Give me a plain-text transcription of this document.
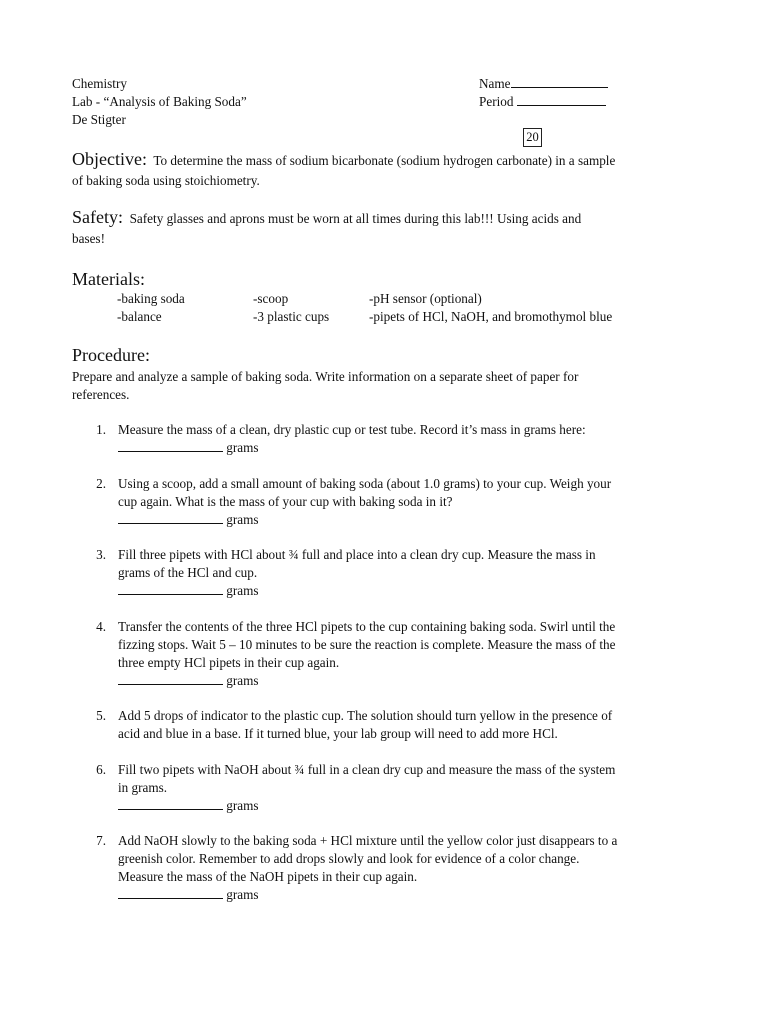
Chemistry
Lab - “Analysis of Baking Soda”
De Stigter
Name
Period
20
Objective: To determine the mass of sodium bicarbonate (sodium hydrogen carbonate) in a sample
of baking soda using stoichiometry.
Safety: Safety glasses and aprons must be worn at all times during this lab!!! Using acids and
bases!
Materials:
-baking soda	-scoop	-pH sensor (optional)
-balance	-3 plastic cups	-pipets of HCl, NaOH, and bromothymol blue
Procedure:
Prepare and analyze a sample of baking soda. Write information on a separate sheet of paper for
references.
1. Measure the mass of a clean, dry plastic cup or test tube. Record it’s mass in grams here:
grams
2. Using a scoop, add a small amount of baking soda (about 1.0 grams) to your cup. Weigh your
cup again. What is the mass of your cup with baking soda in it?
grams
3. Fill three pipets with HCl about ¾ full and place into a clean dry cup. Measure the mass in
grams of the HCl and cup.
grams
4. Transfer the contents of the three HCl pipets to the cup containing baking soda. Swirl until the
fizzing stops. Wait 5 – 10 minutes to be sure the reaction is complete. Measure the mass of the
three empty HCl pipets in their cup again.
grams
5. Add 5 drops of indicator to the plastic cup. The solution should turn yellow in the presence of
acid and blue in a base. If it turned blue, your lab group will need to add more HCl.
6. Fill two pipets with NaOH about ¾ full in a clean dry cup and measure the mass of the system
in grams.
grams
7. Add NaOH slowly to the baking soda + HCl mixture until the yellow color just disappears to a
greenish color. Remember to add drops slowly and look for evidence of a color change.
Measure the mass of the NaOH pipets in their cup again.
grams
